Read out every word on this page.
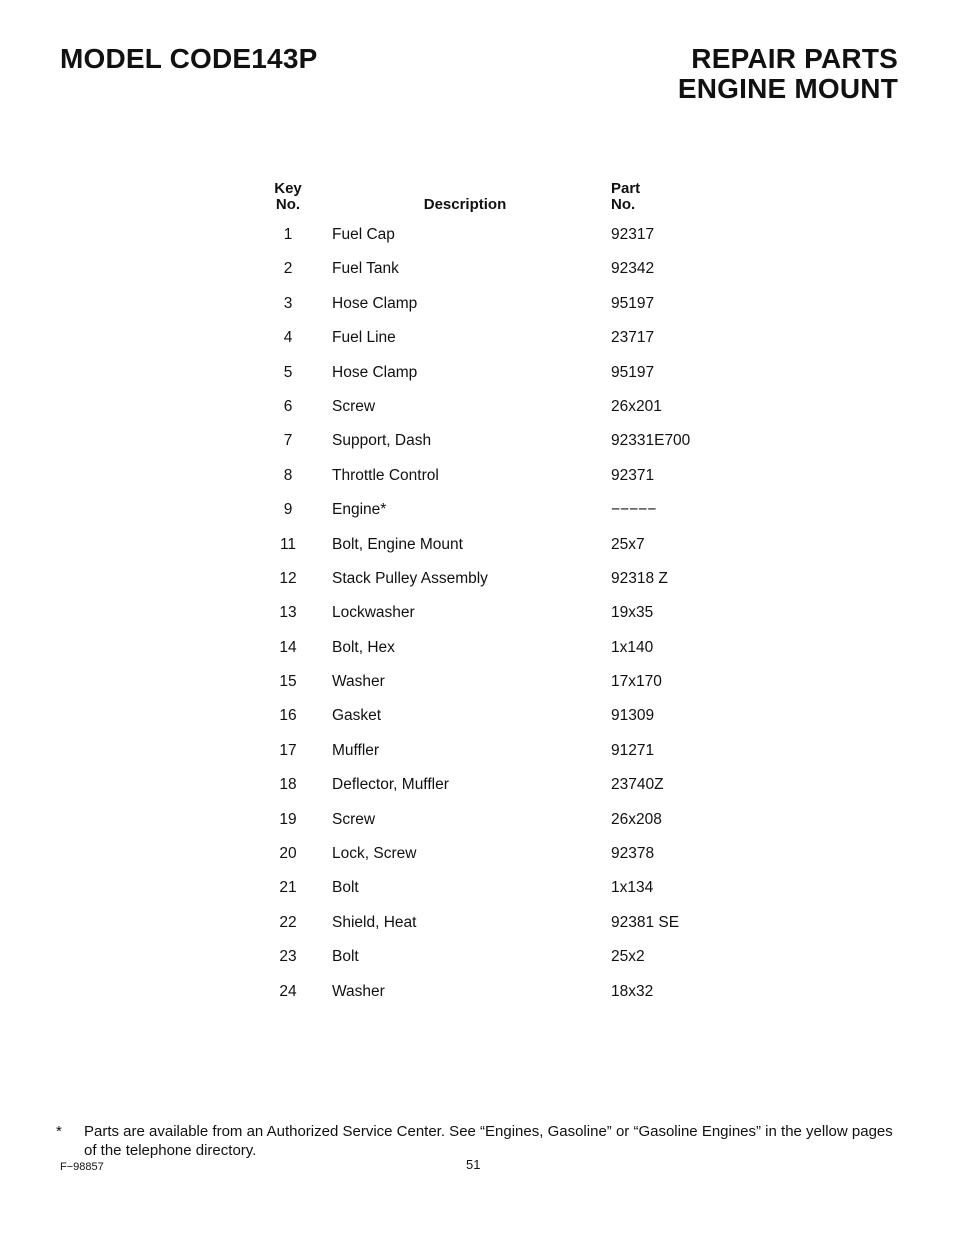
MODEL CODE143P	REPAIR PARTS
ENGINE MOUNT
Key
No.	Description
Part
No.
1	Fuel Cap	92317
2	Fuel Tank	92342
3	Hose Clamp	95197
4	Fuel Line	23717
5	Hose Clamp	95197
6	Screw	26x201
7	Support, Dash	92331E700
8	Throttle Control	92371
9	Engine*	−−−−−
11	Bolt, Engine Mount	25x7
12	Stack Pulley Assembly	92318 Z
13	Lockwasher	19x35
14	Bolt, Hex	1x140
15	Washer	17x170
16	Gasket	91309
17	Muffler	91271
18	Deflector, Muffler	23740Z
19	Screw	26x208
20	Lock, Screw	92378
21	Bolt	1x134
22	Shield, Heat	92381 SE
23	Bolt	25x2
24	Washer	18x32
* Parts are available from an Authorized Service Center. See “Engines, Gasoline” or “Gasoline Engines” in the yellow pages of the telephone directory.
F−98857	51
